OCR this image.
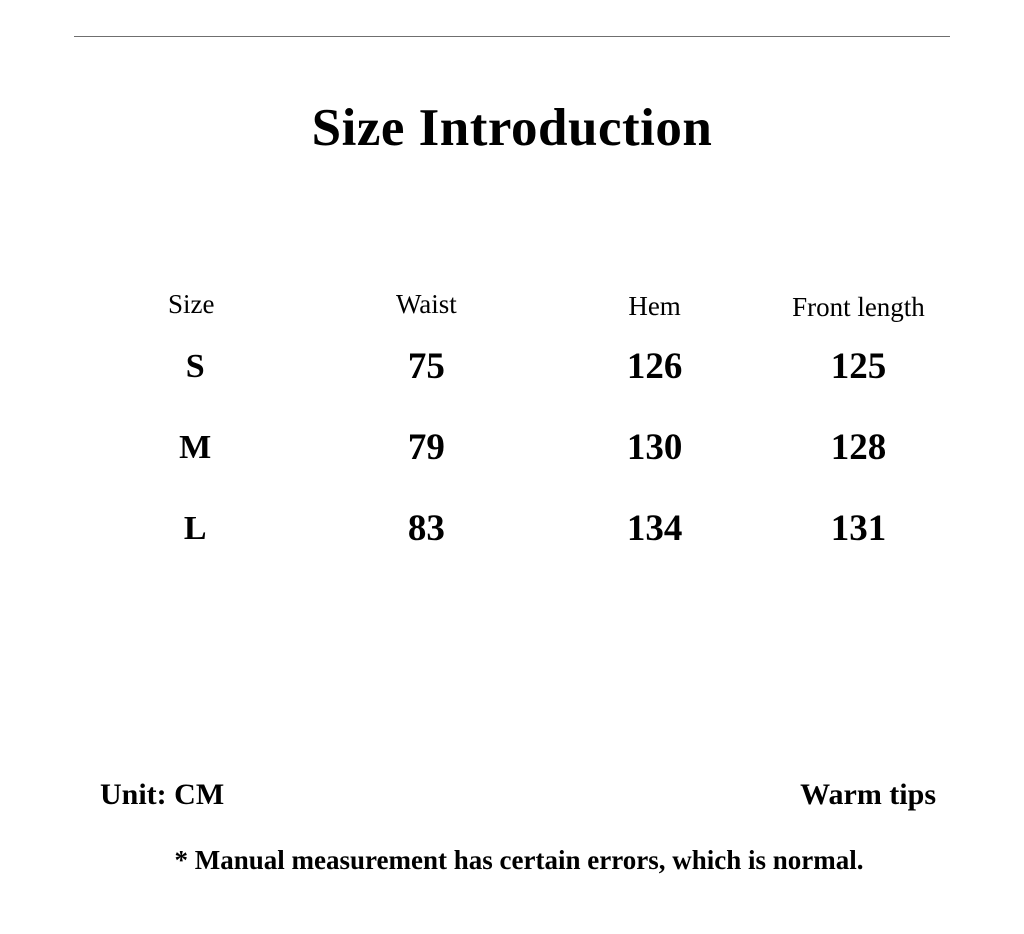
Size Introduction
Size	Waist	Hem	Front length
S	75	126	125
M	79	130	128
L	83	134	131
Unit: CM	Warm tips
* Manual measurement has certain errors, which is normal.
